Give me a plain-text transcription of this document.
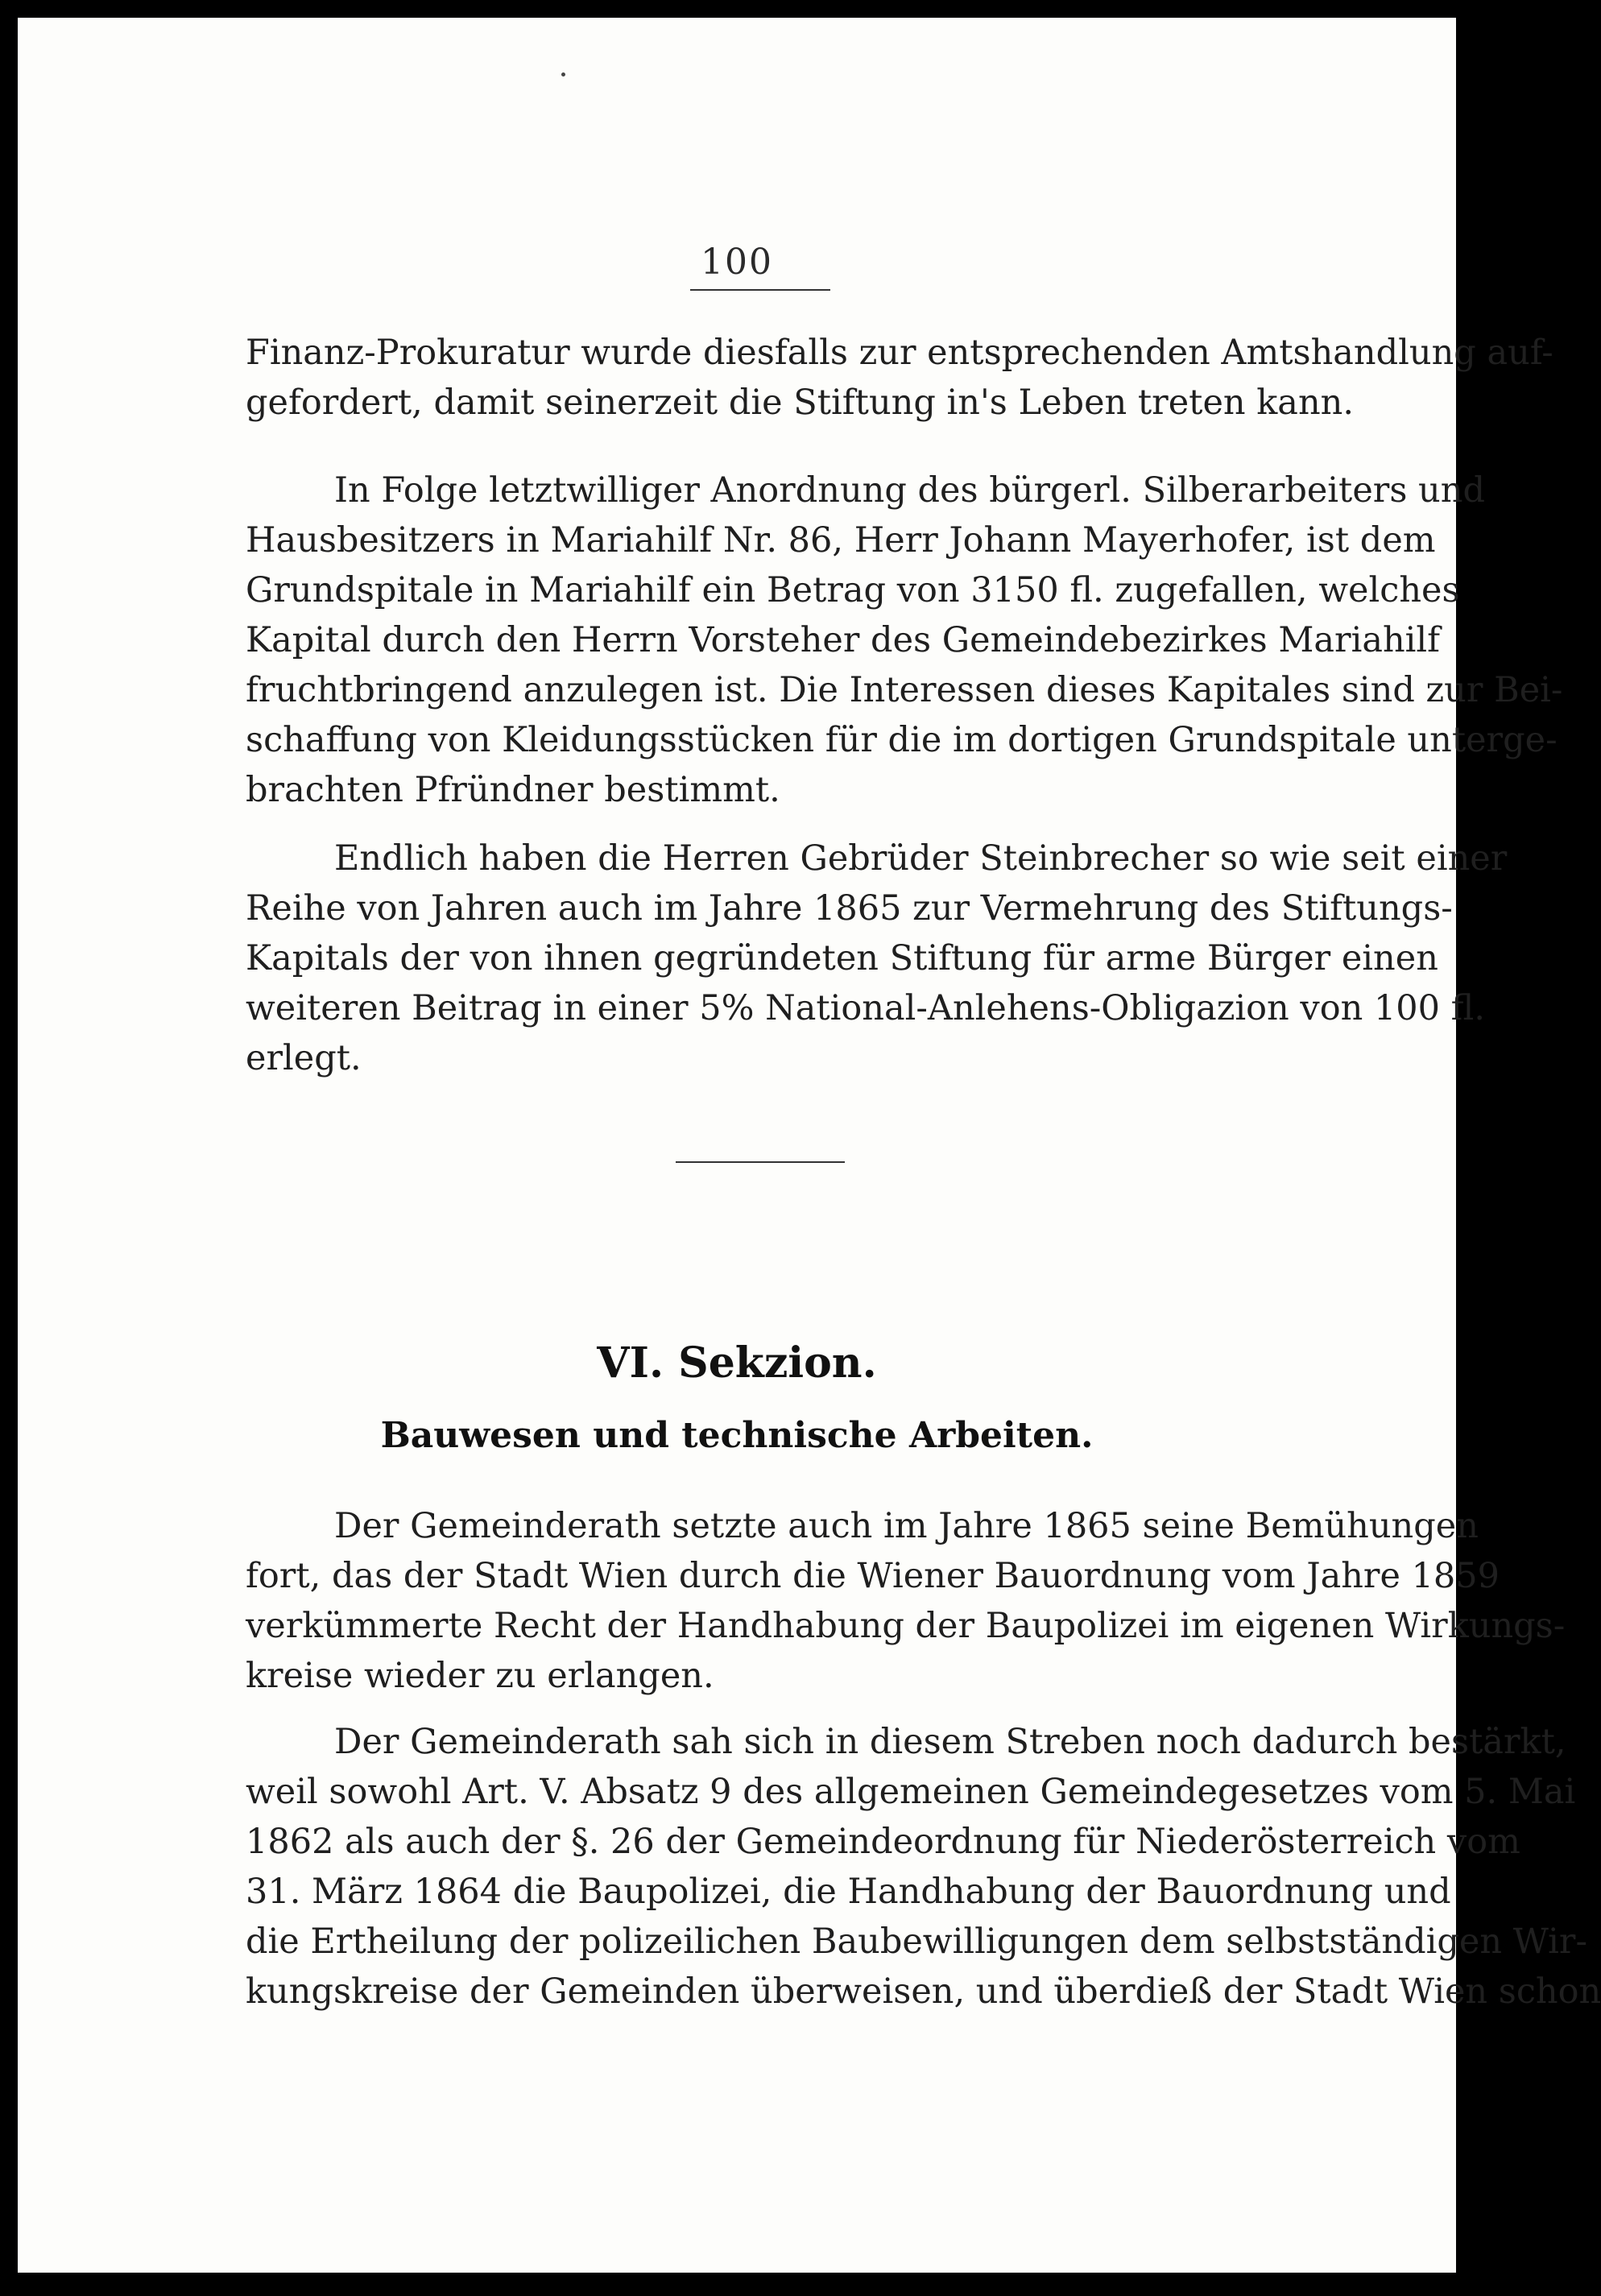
100

Finanz-Prokuratur wurde diesfalls zur entsprechenden Amtshandlung auf-
gefordert, damit seinerzeit die Stiftung in's Leben treten kann.

In Folge letztwilliger Anordnung des bürgerl. Silberarbeiters und
Hausbesitzers in Mariahilf Nr. 86, Herr Johann Mayerhofer, ist dem
Grundspitale in Mariahilf ein Betrag von 3150 fl. zugefallen, welches
Kapital durch den Herrn Vorsteher des Gemeindebezirkes Mariahilf
fruchtbringend anzulegen ist. Die Interessen dieses Kapitales sind zur Bei-
schaffung von Kleidungsstücken für die im dortigen Grundspitale unterge-
brachten Pfründner bestimmt.

Endlich haben die Herren Gebrüder Steinbrecher so wie seit einer
Reihe von Jahren auch im Jahre 1865 zur Vermehrung des Stiftungs-
Kapitals der von ihnen gegründeten Stiftung für arme Bürger einen
weiteren Beitrag in einer 5% National-Anlehens-Obligazion von 100 fl.
erlegt.

VI. Sekzion.
Bauwesen und technische Arbeiten.

Der Gemeinderath setzte auch im Jahre 1865 seine Bemühungen
fort, das der Stadt Wien durch die Wiener Bauordnung vom Jahre 1859
verkümmerte Recht der Handhabung der Baupolizei im eigenen Wirkungs-
kreise wieder zu erlangen.

Der Gemeinderath sah sich in diesem Streben noch dadurch bestärkt,
weil sowohl Art. V. Absatz 9 des allgemeinen Gemeindegesetzes vom 5. Mai
1862 als auch der §. 26 der Gemeindeordnung für Niederösterreich vom
31. März 1864 die Baupolizei, die Handhabung der Bauordnung und
die Ertheilung der polizeilichen Baubewilligungen dem selbstständigen Wir-
kungskreise der Gemeinden überweisen, und überdieß der Stadt Wien schon
